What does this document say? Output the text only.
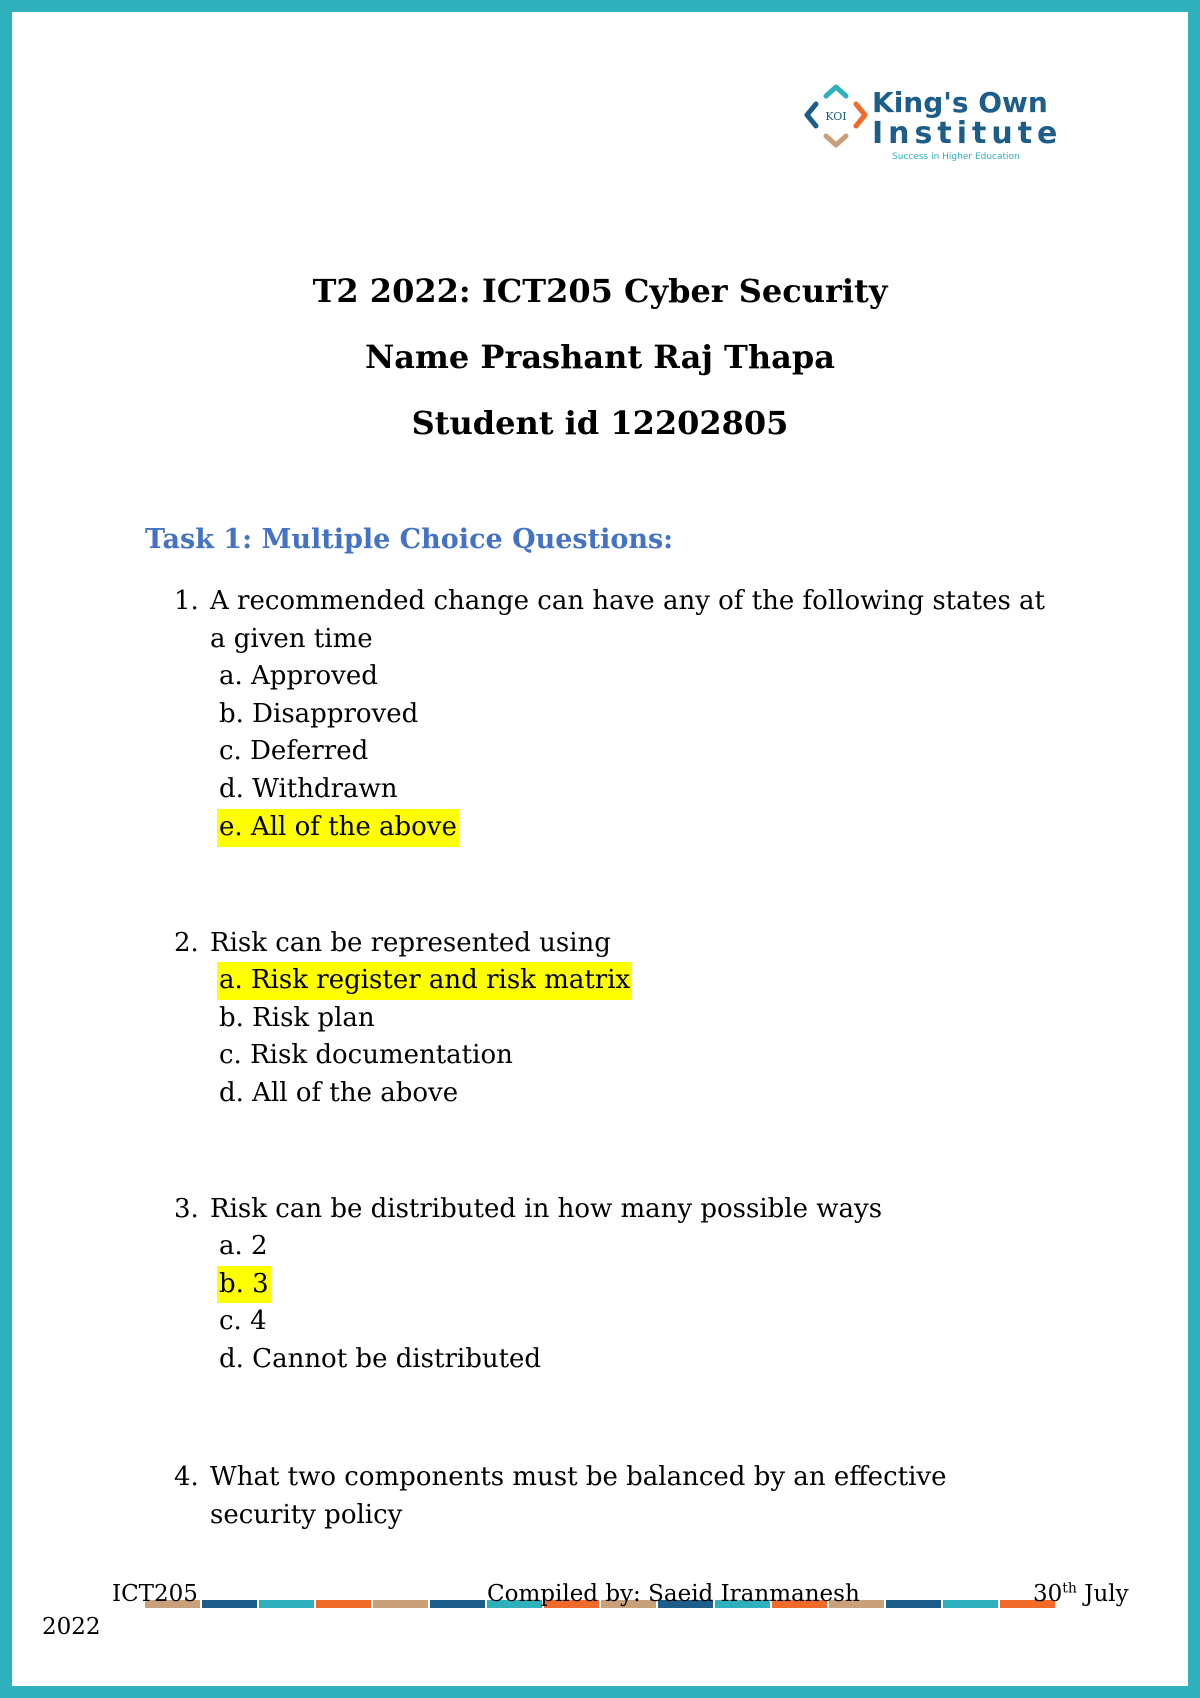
KOI King's Own
Institute
Success in Higher Education
T2 2022: ICT205 Cyber Security
Name Prashant Raj Thapa
Student id 12202805
Task 1: Multiple Choice Questions:
1. A recommended change can have any of the following states at a given time
a. Approved
b. Disapproved
c. Deferred
d. Withdrawn
e. All of the above
2. Risk can be represented using
a. Risk register and risk matrix
b. Risk plan
c. Risk documentation
d. All of the above
3. Risk can be distributed in how many possible ways
a. 2
b. 3
c. 4
d. Cannot be distributed
4. What two components must be balanced by an effective security policy
ICT205	Compiled by: Saeid Iranmanesh	30th July
2022
